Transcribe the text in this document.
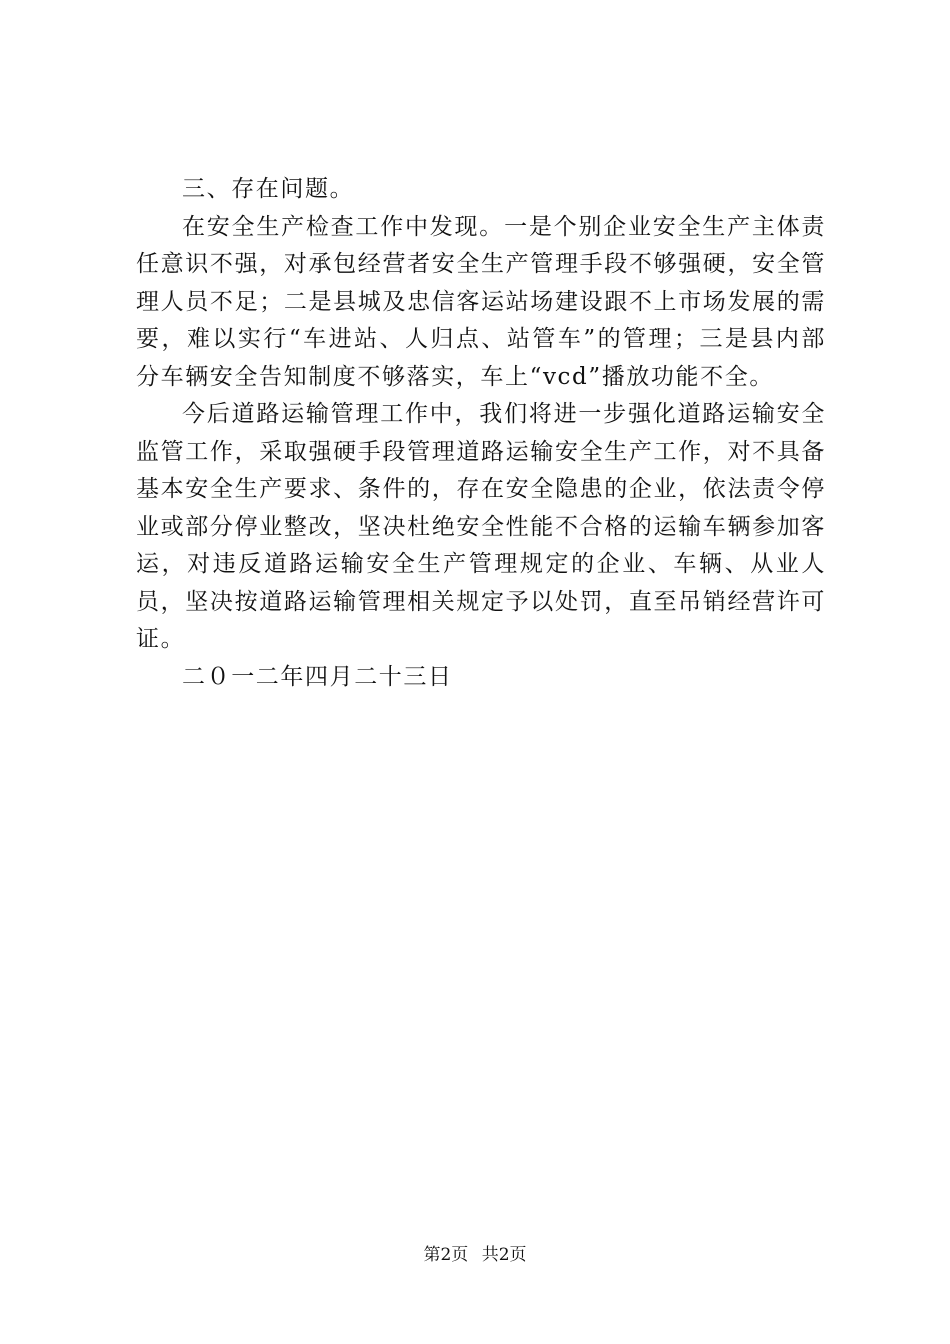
三、存在问题。

在安全生产检查工作中发现。一是个别企业安全生产主体责任意识不强，对承包经营者安全生产管理手段不够强硬，安全管理人员不足；二是县城及忠信客运站场建设跟不上市场发展的需要，难以实行“车进站、人归点、站管车”的管理；三是县内部分车辆安全告知制度不够落实，车上“vcd”播放功能不全。

今后道路运输管理工作中，我们将进一步强化道路运输安全监管工作，采取强硬手段管理道路运输安全生产工作，对不具备基本安全生产要求、条件的，存在安全隐患的企业，依法责令停业或部分停业整改，坚决杜绝安全性能不合格的运输车辆参加客运，对违反道路运输安全生产管理规定的企业、车辆、从业人员，坚决按道路运输管理相关规定予以处罚，直至吊销经营许可证。

二０一二年四月二十三日

第2页 共2页
